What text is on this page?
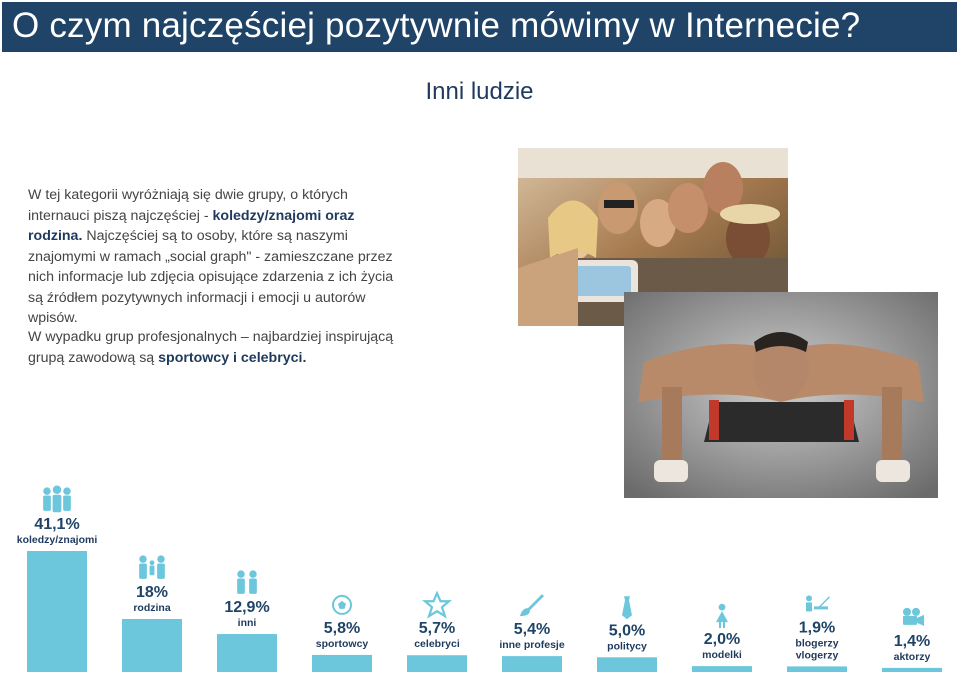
O czym najczęściej pozytywnie mówimy w Internecie?
Inni ludzie

W tej kategorii wyróżniają się dwie grupy, o których internauci piszą najczęściej - koledzy/znajomi oraz rodzina. Najczęściej są to osoby, które są naszymi znajomymi w ramach „social graph" - zamieszczane przez nich informacje lub zdjęcia opisujące zdarzenia z ich życia są źródłem pozytywnych informacji i emocji u autorów wpisów.

W wypadku grup profesjonalnych – najbardziej inspirującą grupą zawodową są sportowcy i celebryci.

koledzy/znajomi
41,1%
rodzina
18%
inni
12,9%
sportowcy
5,8%
celebryci
5,7%
inne profesje
5,4%
politycy
5,0%
modelki
2,0%	blogerzy
vlogerzy
1,9%
aktorzy
1,4%
